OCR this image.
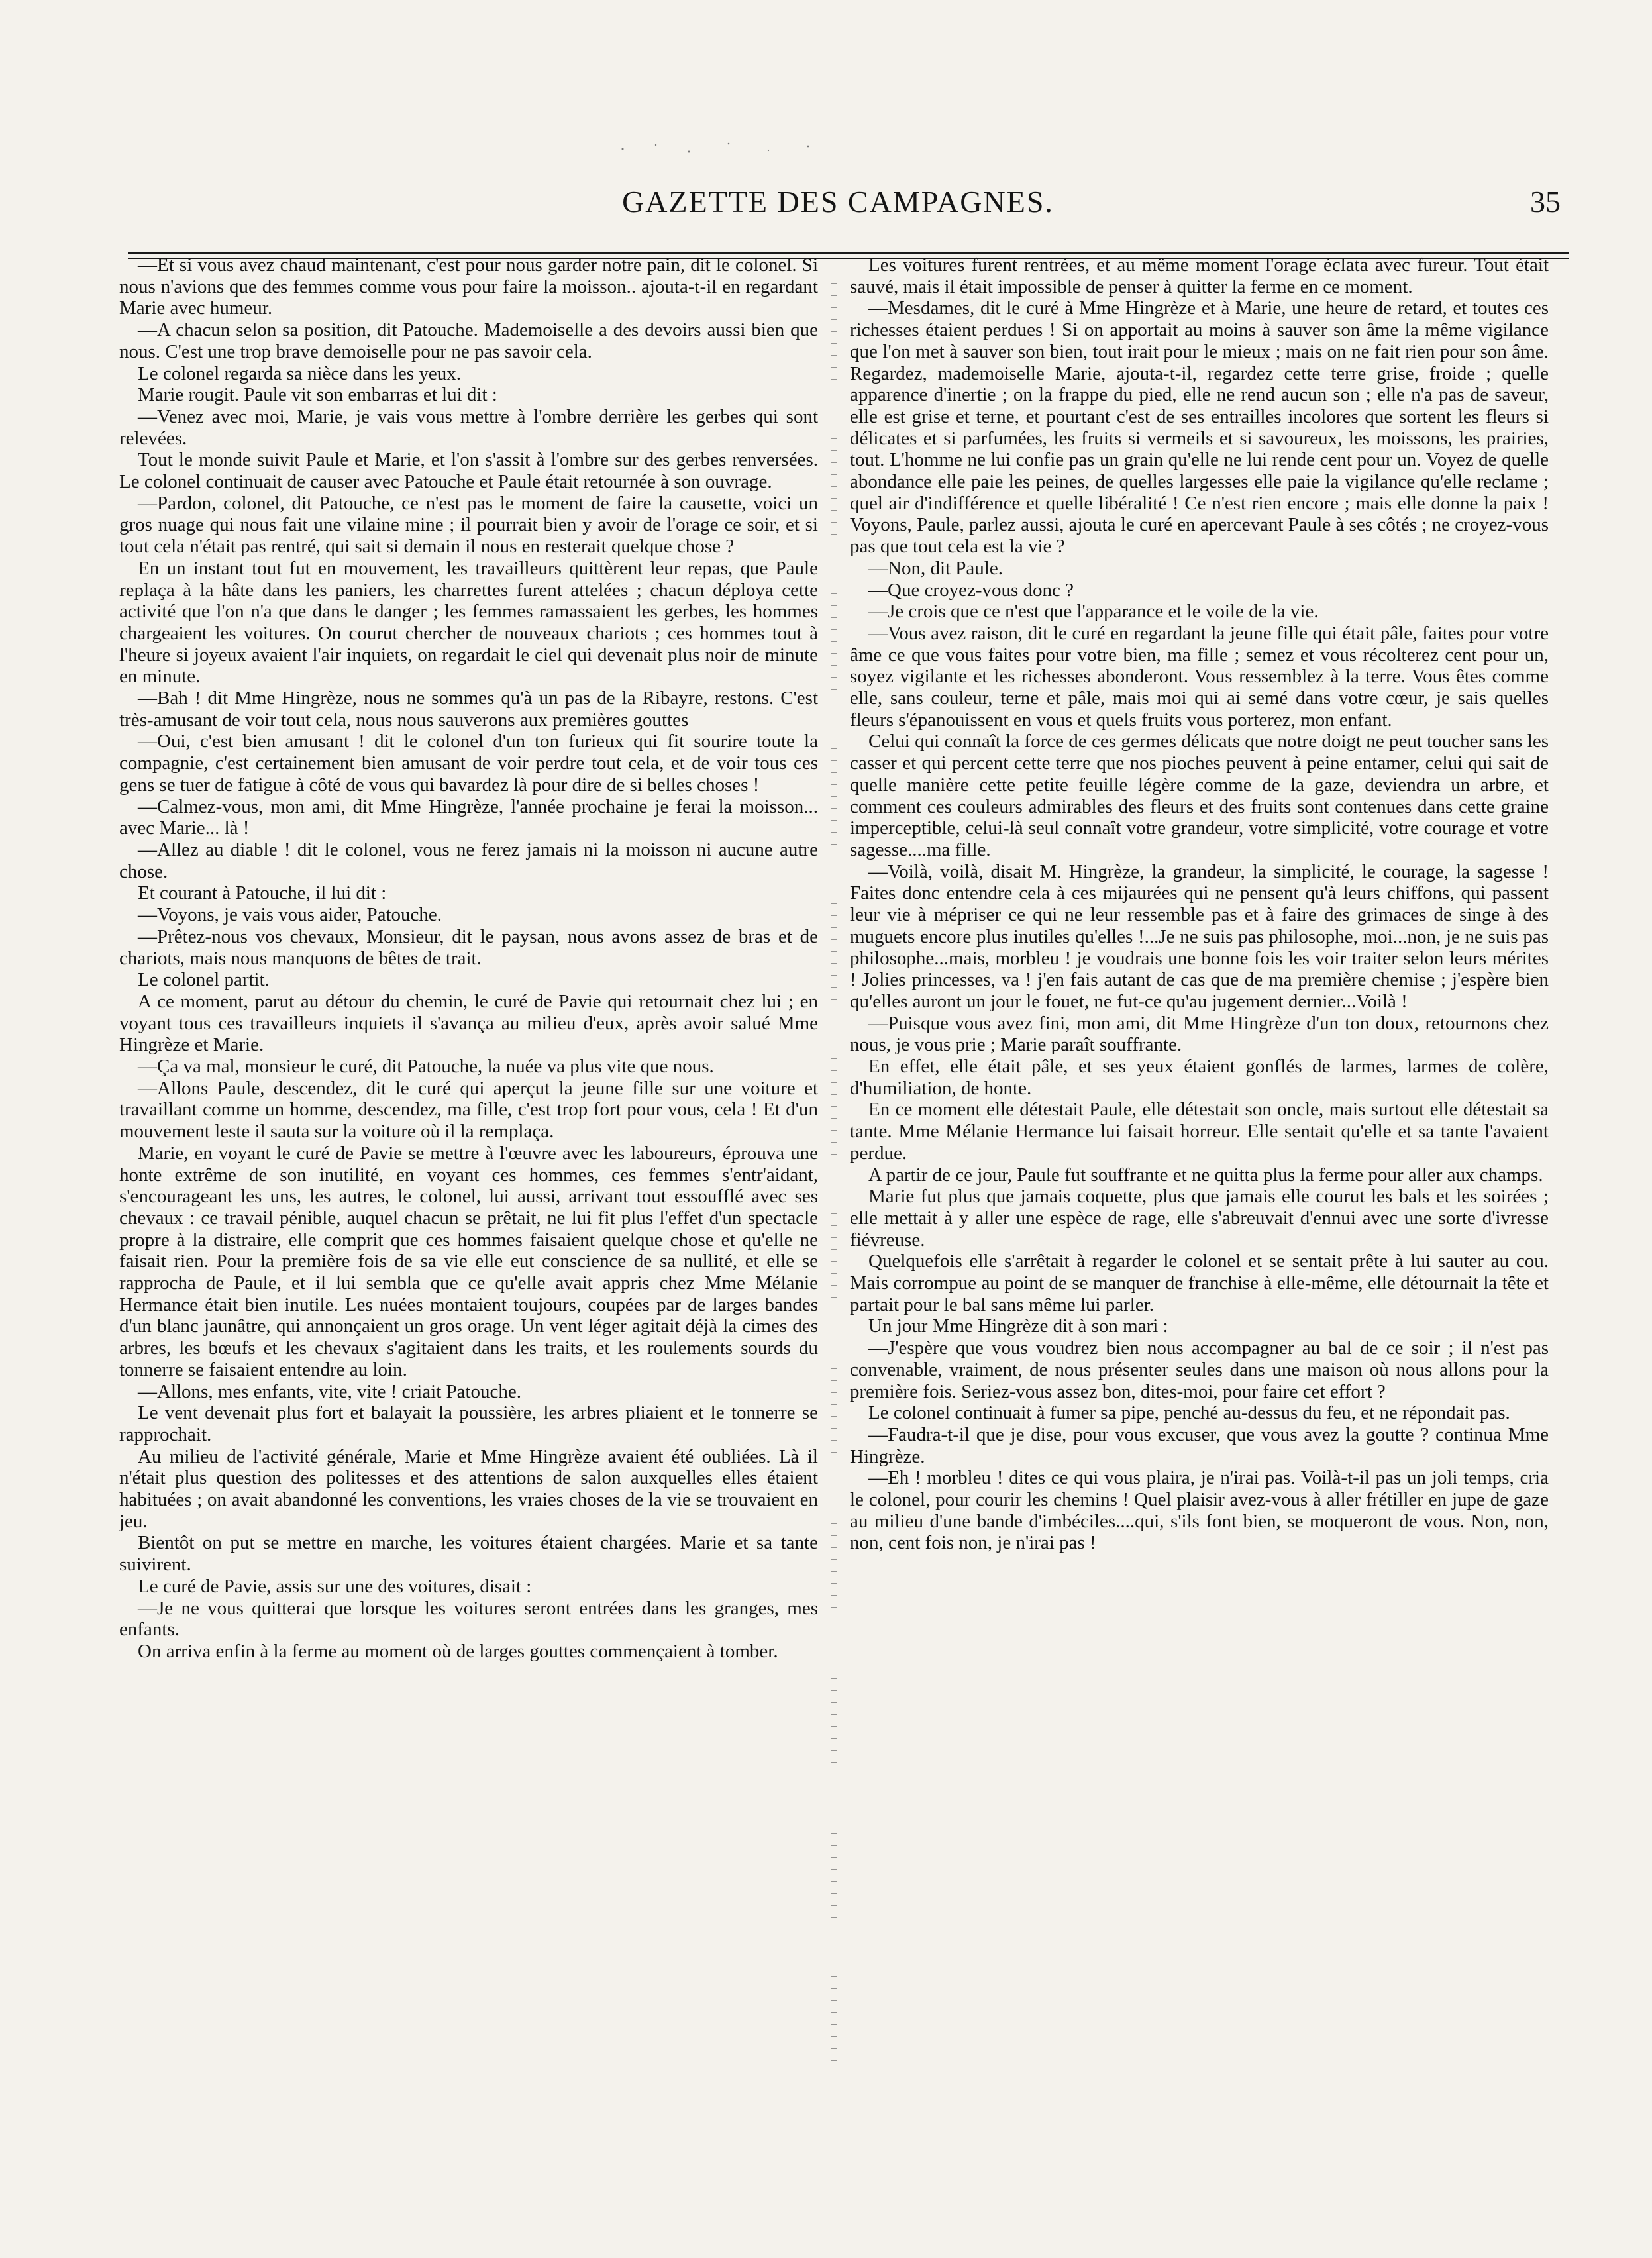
GAZETTE DES CAMPAGNES.	35

—Et si vous avez chaud maintenant, c'est pour nous garder notre pain, dit le colonel. Si nous n'avions que des femmes comme vous pour faire la moisson.. ajouta-t-il en regardant Marie avec humeur.

—A chacun selon sa position, dit Patouche. Mademoiselle a des devoirs aussi bien que nous. C'est une trop brave demoiselle pour ne pas savoir cela.

Le colonel regarda sa nièce dans les yeux.

Marie rougit. Paule vit son embarras et lui dit :

—Venez avec moi, Marie, je vais vous mettre à l'ombre derrière les gerbes qui sont relevées.

Tout le monde suivit Paule et Marie, et l'on s'assit à l'ombre sur des gerbes renversées. Le colonel continuait de causer avec Patouche et Paule était retournée à son ouvrage.

—Pardon, colonel, dit Patouche, ce n'est pas le moment de faire la causette, voici un gros nuage qui nous fait une vilaine mine ; il pourrait bien y avoir de l'orage ce soir, et si tout cela n'était pas rentré, qui sait si demain il nous en resterait quelque chose ?

En un instant tout fut en mouvement, les travailleurs quittèrent leur repas, que Paule replaça à la hâte dans les paniers, les charrettes furent attelées ; chacun déploya cette activité que l'on n'a que dans le danger ; les femmes ramassaient les gerbes, les hommes chargeaient les voitures. On courut chercher de nouveaux chariots ; ces hommes tout à l'heure si joyeux avaient l'air inquiets, on regardait le ciel qui devenait plus noir de minute en minute.

—Bah ! dit Mme Hingrèze, nous ne sommes qu'à un pas de la Ribayre, restons. C'est très-amusant de voir tout cela, nous nous sauverons aux premières gouttes

—Oui, c'est bien amusant ! dit le colonel d'un ton furieux qui fit sourire toute la compagnie, c'est certainement bien amusant de voir perdre tout cela, et de voir tous ces gens se tuer de fatigue à côté de vous qui bavardez là pour dire de si belles choses !

—Calmez-vous, mon ami, dit Mme Hingrèze, l'année prochaine je ferai la moisson... avec Marie... là !

—Allez au diable ! dit le colonel, vous ne ferez jamais ni la moisson ni aucune autre chose.

Et courant à Patouche, il lui dit :

—Voyons, je vais vous aider, Patouche.

—Prêtez-nous vos chevaux, Monsieur, dit le paysan, nous avons assez de bras et de chariots, mais nous manquons de bêtes de trait.

Le colonel partit.

A ce moment, parut au détour du chemin, le curé de Pavie qui retournait chez lui ; en voyant tous ces travailleurs inquiets il s'avança au milieu d'eux, après avoir salué Mme Hingrèze et Marie.

—Ça va mal, monsieur le curé, dit Patouche, la nuée va plus vite que nous.

—Allons Paule, descendez, dit le curé qui aperçut la jeune fille sur une voiture et travaillant comme un homme, descendez, ma fille, c'est trop fort pour vous, cela ! Et d'un mouvement leste il sauta sur la voiture où il la remplaça.

Marie, en voyant le curé de Pavie se mettre à l'œuvre avec les laboureurs, éprouva une honte extrême de son inutilité, en voyant ces hommes, ces femmes s'entr'aidant, s'encourageant les uns, les autres, le colonel, lui aussi, arrivant tout essoufflé avec ses chevaux : ce travail pénible, auquel chacun se prêtait, ne lui fit plus l'effet d'un spectacle propre à la distraire, elle comprit que ces hommes faisaient quelque chose et qu'elle ne faisait rien. Pour la première fois de sa vie elle eut conscience de sa nullité, et elle se rapprocha de Paule, et il lui sembla que ce qu'elle avait appris chez Mme Mélanie Hermance était bien inutile. Les nuées montaient toujours, coupées par de larges bandes d'un blanc jaunâtre, qui annonçaient un gros orage. Un vent léger agitait déjà la cimes des arbres, les bœufs et les chevaux s'agitaient dans les traits, et les roulements sourds du tonnerre se faisaient entendre au loin.

—Allons, mes enfants, vite, vite ! criait Patouche.

Le vent devenait plus fort et balayait la poussière, les arbres pliaient et le tonnerre se rapprochait.

Au milieu de l'activité générale, Marie et Mme Hingrèze avaient été oubliées. Là il n'était plus question des politesses et des attentions de salon auxquelles elles étaient habituées ; on avait abandonné les conventions, les vraies choses de la vie se trouvaient en jeu.

Bientôt on put se mettre en marche, les voitures étaient chargées. Marie et sa tante suivirent.

Le curé de Pavie, assis sur une des voitures, disait :

—Je ne vous quitterai que lorsque les voitures seront entrées dans les granges, mes enfants.

On arriva enfin à la ferme au moment où de larges gouttes commençaient à tomber.

Les voitures furent rentrées, et au même moment l'orage éclata avec fureur. Tout était sauvé, mais il était impossible de penser à quitter la ferme en ce moment.

—Mesdames, dit le curé à Mme Hingrèze et à Marie, une heure de retard, et toutes ces richesses étaient perdues ! Si on apportait au moins à sauver son âme la même vigilance que l'on met à sauver son bien, tout irait pour le mieux ; mais on ne fait rien pour son âme. Regardez, mademoiselle Marie, ajouta-t-il, regardez cette terre grise, froide ; quelle apparence d'inertie ; on la frappe du pied, elle ne rend aucun son ; elle n'a pas de saveur, elle est grise et terne, et pourtant c'est de ses entrailles incolores que sortent les fleurs si délicates et si parfumées, les fruits si vermeils et si savoureux, les moissons, les prairies, tout. L'homme ne lui confie pas un grain qu'elle ne lui rende cent pour un. Voyez de quelle abondance elle paie les peines, de quelles largesses elle paie la vigilance qu'elle reclame ; quel air d'indifférence et quelle libéralité ! Ce n'est rien encore ; mais elle donne la paix ! Voyons, Paule, parlez aussi, ajouta le curé en apercevant Paule à ses côtés ; ne croyez-vous pas que tout cela est la vie ?

—Non, dit Paule.

—Que croyez-vous donc ?

—Je crois que ce n'est que l'apparance et le voile de la vie.

—Vous avez raison, dit le curé en regardant la jeune fille qui était pâle, faites pour votre âme ce que vous faites pour votre bien, ma fille ; semez et vous récolterez cent pour un, soyez vigilante et les richesses abonderont. Vous ressemblez à la terre. Vous êtes comme elle, sans couleur, terne et pâle, mais moi qui ai semé dans votre cœur, je sais quelles fleurs s'épanouissent en vous et quels fruits vous porterez, mon enfant.

Celui qui connaît la force de ces germes délicats que notre doigt ne peut toucher sans les casser et qui percent cette terre que nos pioches peuvent à peine entamer, celui qui sait de quelle manière cette petite feuille légère comme de la gaze, deviendra un arbre, et comment ces couleurs admirables des fleurs et des fruits sont contenues dans cette graine imperceptible, celui-là seul connaît votre grandeur, votre simplicité, votre courage et votre sagesse....ma fille.

—Voilà, voilà, disait M. Hingrèze, la grandeur, la simplicité, le courage, la sagesse ! Faites donc entendre cela à ces mijaurées qui ne pensent qu'à leurs chiffons, qui passent leur vie à mépriser ce qui ne leur ressemble pas et à faire des grimaces de singe à des muguets encore plus inutiles qu'elles !...Je ne suis pas philosophe, moi...non, je ne suis pas philosophe...mais, morbleu ! je voudrais une bonne fois les voir traiter selon leurs mérites ! Jolies princesses, va ! j'en fais autant de cas que de ma première chemise ; j'espère bien qu'elles auront un jour le fouet, ne fut-ce qu'au jugement dernier...Voilà !

—Puisque vous avez fini, mon ami, dit Mme Hingrèze d'un ton doux, retournons chez nous, je vous prie ; Marie paraît souffrante.

En effet, elle était pâle, et ses yeux étaient gonflés de larmes, larmes de colère, d'humiliation, de honte.

En ce moment elle détestait Paule, elle détestait son oncle, mais surtout elle détestait sa tante. Mme Mélanie Hermance lui faisait horreur. Elle sentait qu'elle et sa tante l'avaient perdue.

A partir de ce jour, Paule fut souffrante et ne quitta plus la ferme pour aller aux champs.

Marie fut plus que jamais coquette, plus que jamais elle courut les bals et les soirées ; elle mettait à y aller une espèce de rage, elle s'abreuvait d'ennui avec une sorte d'ivresse fiévreuse.

Quelquefois elle s'arrêtait à regarder le colonel et se sentait prête à lui sauter au cou. Mais corrompue au point de se manquer de franchise à elle-même, elle détournait la tête et partait pour le bal sans même lui parler.

Un jour Mme Hingrèze dit à son mari :

—J'espère que vous voudrez bien nous accompagner au bal de ce soir ; il n'est pas convenable, vraiment, de nous présenter seules dans une maison où nous allons pour la première fois. Seriez-vous assez bon, dites-moi, pour faire cet effort ?

Le colonel continuait à fumer sa pipe, penché au-dessus du feu, et ne répondait pas.

—Faudra-t-il que je dise, pour vous excuser, que vous avez la goutte ? continua Mme Hingrèze.

—Eh ! morbleu ! dites ce qui vous plaira, je n'irai pas. Voilà-t-il pas un joli temps, cria le colonel, pour courir les chemins ! Quel plaisir avez-vous à aller frétiller en jupe de gaze au milieu d'une bande d'imbéciles....qui, s'ils font bien, se moqueront de vous. Non, non, non, cent fois non, je n'irai pas !
